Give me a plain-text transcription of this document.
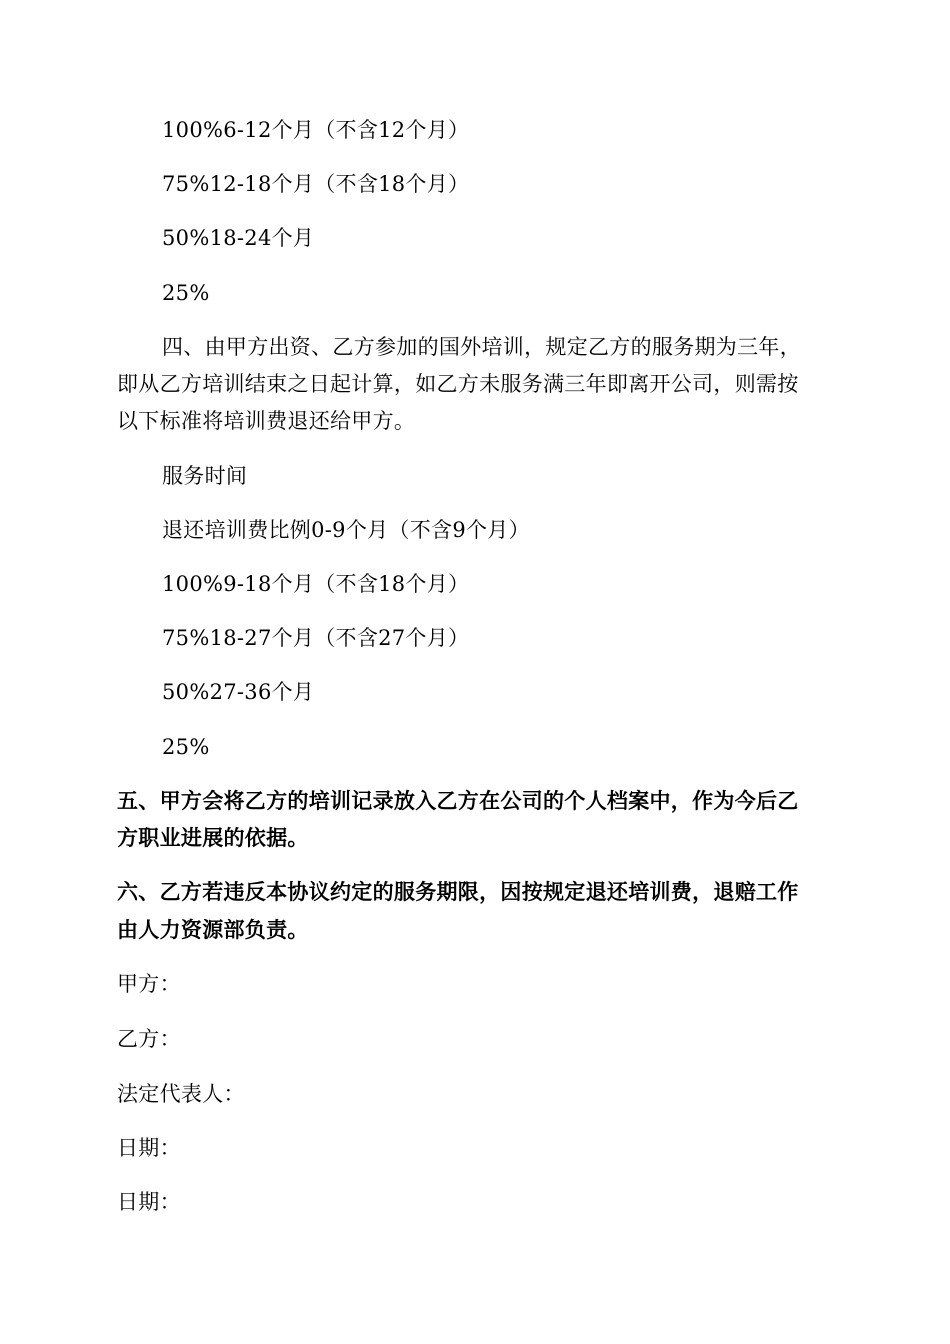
100%6-12个月（不含12个月）
75%12-18个月（不含18个月）
50%18-24个月
25%
四、由甲方出资、乙方参加的国外培训，规定乙方的服务期为三年，
即从乙方培训结束之日起计算，如乙方未服务满三年即离开公司，则需按
以下标准将培训费退还给甲方。
服务时间
退还培训费比例0-9个月（不含9个月）
100%9-18个月（不含18个月）
75%18-27个月（不含27个月）
50%27-36个月
25%
五、甲方会将乙方的培训记录放入乙方在公司的个人档案中，作为今后乙
方职业进展的依据。
六、乙方若违反本协议约定的服务期限，因按规定退还培训费，退赔工作
由人力资源部负责。
甲方：
乙方：
法定代表人：
日期：
日期：
